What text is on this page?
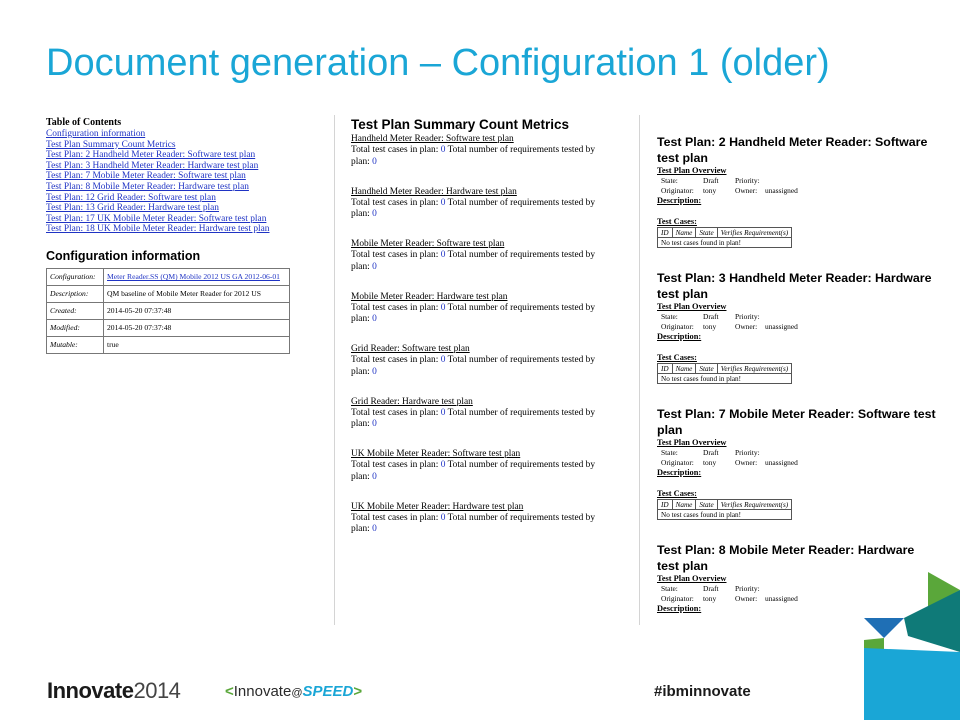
Document generation – Configuration 1 (older)
Table of Contents
Configuration information
Test Plan Summary Count Metrics
Test Plan: 2 Handheld Meter Reader: Software test plan
Test Plan: 3 Handheld Meter Reader: Hardware test plan
Test Plan: 7 Mobile Meter Reader: Software test plan
Test Plan: 8 Mobile Meter Reader: Hardware test plan
Test Plan: 12 Grid Reader: Software test plan
Test Plan: 13 Grid Reader: Hardware test plan
Test Plan: 17 UK Mobile Meter Reader: Software test plan
Test Plan: 18 UK Mobile Meter Reader: Hardware test plan
Configuration information
Configuration:	Meter Reader.SS (QM) Mobile 2012 US GA 2012-06-01
Description:	QM baseline of Mobile Meter Reader for 2012 US
Created:	2014-05-20 07:37:48
Modified:	2014-05-20 07:37:48
Mutable:	true
Test Plan Summary Count Metrics
Handheld Meter Reader: Software test plan
Total test cases in plan: 0 Total number of requirements tested by
plan: 0
Handheld Meter Reader: Hardware test plan
Total test cases in plan: 0 Total number of requirements tested by
plan: 0
Mobile Meter Reader: Software test plan
Total test cases in plan: 0 Total number of requirements tested by
plan: 0
Mobile Meter Reader: Hardware test plan
Total test cases in plan: 0 Total number of requirements tested by
plan: 0
Grid Reader: Software test plan
Total test cases in plan: 0 Total number of requirements tested by
plan: 0
Grid Reader: Hardware test plan
Total test cases in plan: 0 Total number of requirements tested by
plan: 0
UK Mobile Meter Reader: Software test plan
Total test cases in plan: 0 Total number of requirements tested by
plan: 0
UK Mobile Meter Reader: Hardware test plan
Total test cases in plan: 0 Total number of requirements tested by
plan: 0
Test Plan: 2 Handheld Meter Reader: Software test plan
Test Plan Overview
State:	Draft Priority:
Originator: tony	Owner: unassigned
Description:
Test Cases:
ID	Name	State	Verifies Requirement(s)
No test cases found in plan!
Test Plan: 3 Handheld Meter Reader: Hardware test plan
Test Plan Overview
State:	Draft Priority:
Originator: tony	Owner: unassigned
Description:
Test Cases:
ID	Name	State	Verifies Requirement(s)
No test cases found in plan!
Test Plan: 7 Mobile Meter Reader: Software test plan
Test Plan Overview
State:	Draft Priority:
Originator: tony	Owner: unassigned
Description:
Test Cases:
ID	Name	State	Verifies Requirement(s)
No test cases found in plan!
Test Plan: 8 Mobile Meter Reader: Hardware test plan
Test Plan Overview
State:	Draft Priority:
Originator: tony	Owner: unassigned
Description:
Innovate2014	<Innovate@SPEED>	#ibminnovate
